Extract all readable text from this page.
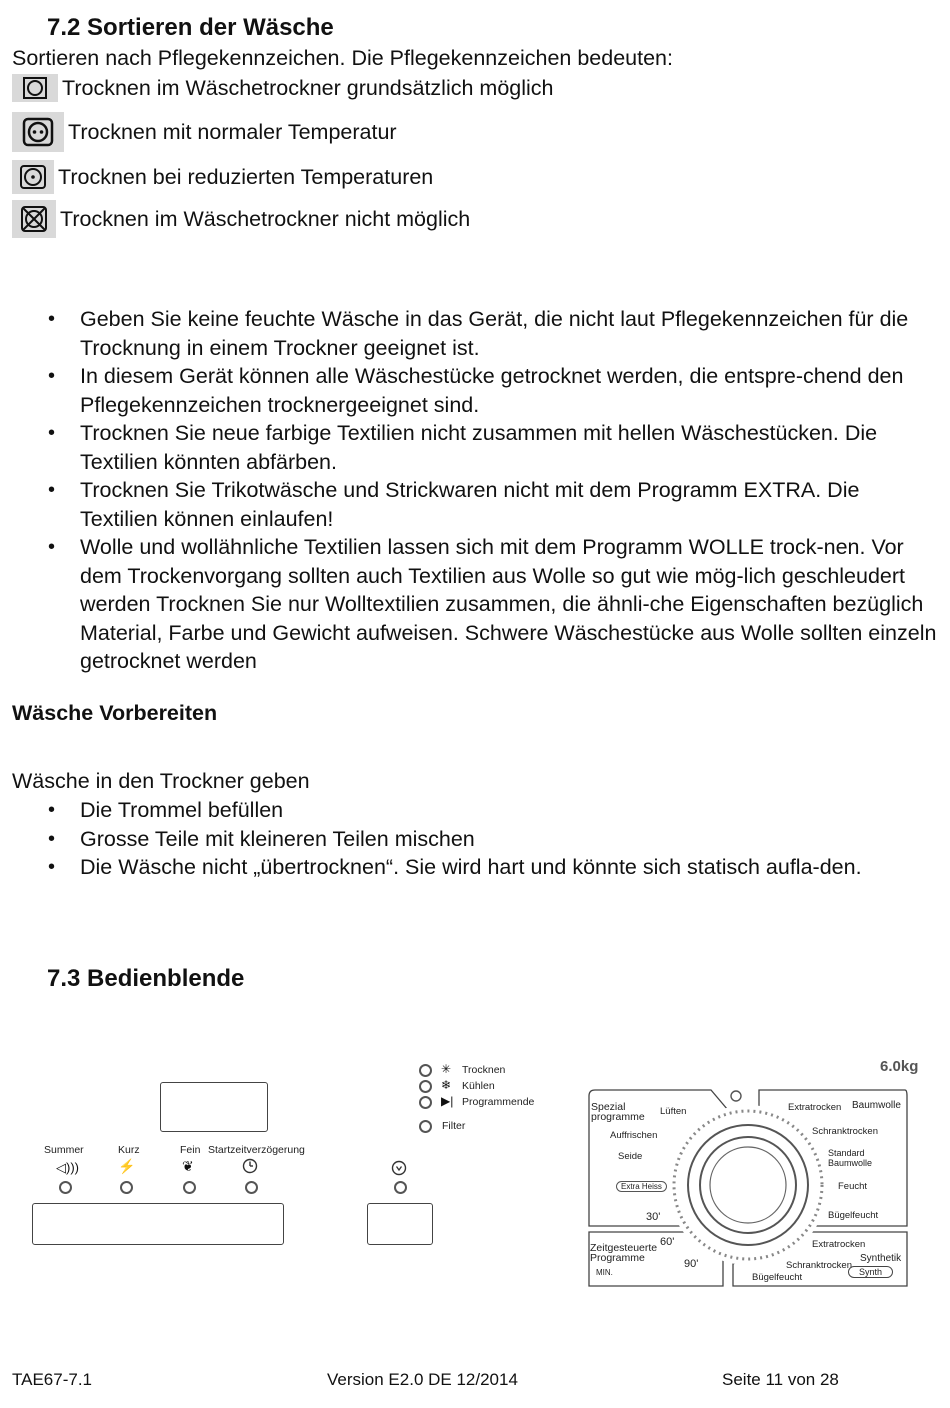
7.2 Sortieren der Wäsche
Sortieren nach Pflegekennzeichen. Die Pflegekennzeichen bedeuten:
Trocknen im Wäschetrockner grundsätzlich möglich
Trocknen mit normaler Temperatur
Trocknen bei reduzierten Temperaturen
Trocknen im Wäschetrockner nicht möglich
• Geben Sie keine feuchte Wäsche in das Gerät, die nicht laut Pflegekennzeichen für die Trocknung in einem Trockner geeignet ist.
• In diesem Gerät können alle Wäschestücke getrocknet werden, die entspre-chend den Pflegekennzeichen trocknergeeignet sind.
• Trocknen Sie neue farbige Textilien nicht zusammen mit hellen Wäschestücken. Die Textilien könnten abfärben.
• Trocknen Sie Trikotwäsche und Strickwaren nicht mit dem Programm EXTRA. Die Textilien können einlaufen!
• Wolle und wollähnliche Textilien lassen sich mit dem Programm WOLLE trock-nen. Vor dem Trockenvorgang sollten auch Textilien aus Wolle so gut wie mög-lich geschleudert werden Trocknen Sie nur Wolltextilien zusammen, die ähnli-che Eigenschaften bezüglich Material, Farbe und Gewicht aufweisen. Schwere Wäschestücke aus Wolle sollten einzeln getrocknet werden
Wäsche Vorbereiten
Wäsche in den Trockner geben
• Die Trommel befüllen
• Grosse Teile mit kleineren Teilen mischen
• Die Wäsche nicht „übertrocknen“. Sie wird hart und könnte sich statisch aufla-den.
7.3 Bedienblende
Summer	Kurz	Fein Startzeitverzögerung
◁)))	⚡	❦
✳ Trocknen
❄ Kühlen
▶| Programmende
Filter
6.0kg
Spezial
programme Lüften
Auffrischen
Seide
Extra Heiss
Zeitgesteuerte
Programme
MIN.
30'
60'
90'
Extratrocken Baumwolle
Schranktrocken
Standard
Baumwolle
Feucht
Bügelfeucht
Extratrocken
Synthetik
Schranktrocken
Synth
Bügelfeucht
TAE67-7.1	Version E2.0 DE 12/2014	Seite 11 von 28
